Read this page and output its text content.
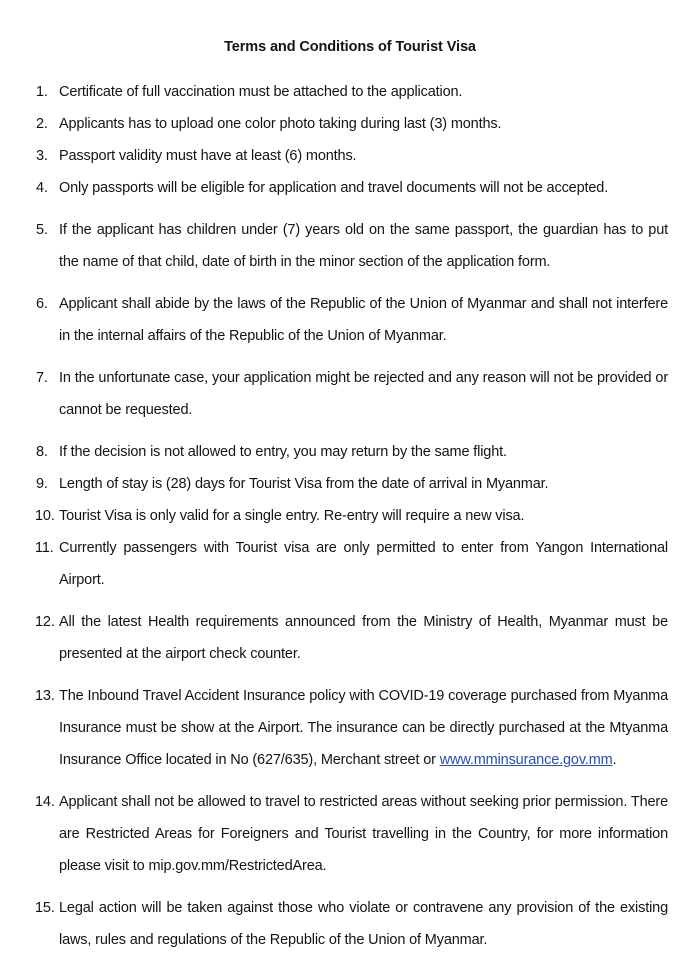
Terms and Conditions of Tourist Visa
1. Certificate of full vaccination must be attached to the application.
2. Applicants has to upload one color photo taking during last (3) months.
3. Passport validity must have at least (6) months.
4. Only passports will be eligible for application and travel documents will not be accepted.
5. If the applicant has children under (7) years old on the same passport, the guardian has to put the name of that child, date of birth in the minor section of the application form.
6. Applicant shall abide by the laws of the Republic of the Union of Myanmar and shall not interfere in the internal affairs of the Republic of the Union of Myanmar.
7. In the unfortunate case, your application might be rejected and any reason will not be provided or cannot be requested.
8. If the decision is not allowed to entry, you may return by the same flight.
9. Length of stay is (28) days for Tourist Visa from the date of arrival in Myanmar.
10. Tourist Visa is only valid for a single entry. Re-entry will require a new visa.
11. Currently passengers with Tourist visa are only permitted to enter from Yangon International Airport.
12. All the latest Health requirements announced from the Ministry of Health, Myanmar must be presented at the airport check counter.
13. The Inbound Travel Accident Insurance policy with COVID-19 coverage purchased from Myanma Insurance must be show at the Airport. The insurance can be directly purchased at the Mtyanma Insurance Office located in No (627/635), Merchant street or www.mminsurance.gov.mm.
14. Applicant shall not be allowed to travel to restricted areas without seeking prior permission. There are Restricted Areas for Foreigners and Tourist travelling in the Country, for more information please visit to mip.gov.mm/RestrictedArea.
15. Legal action will be taken against those who violate or contravene any provision of the existing laws, rules and regulations of the Republic of the Union of Myanmar.
